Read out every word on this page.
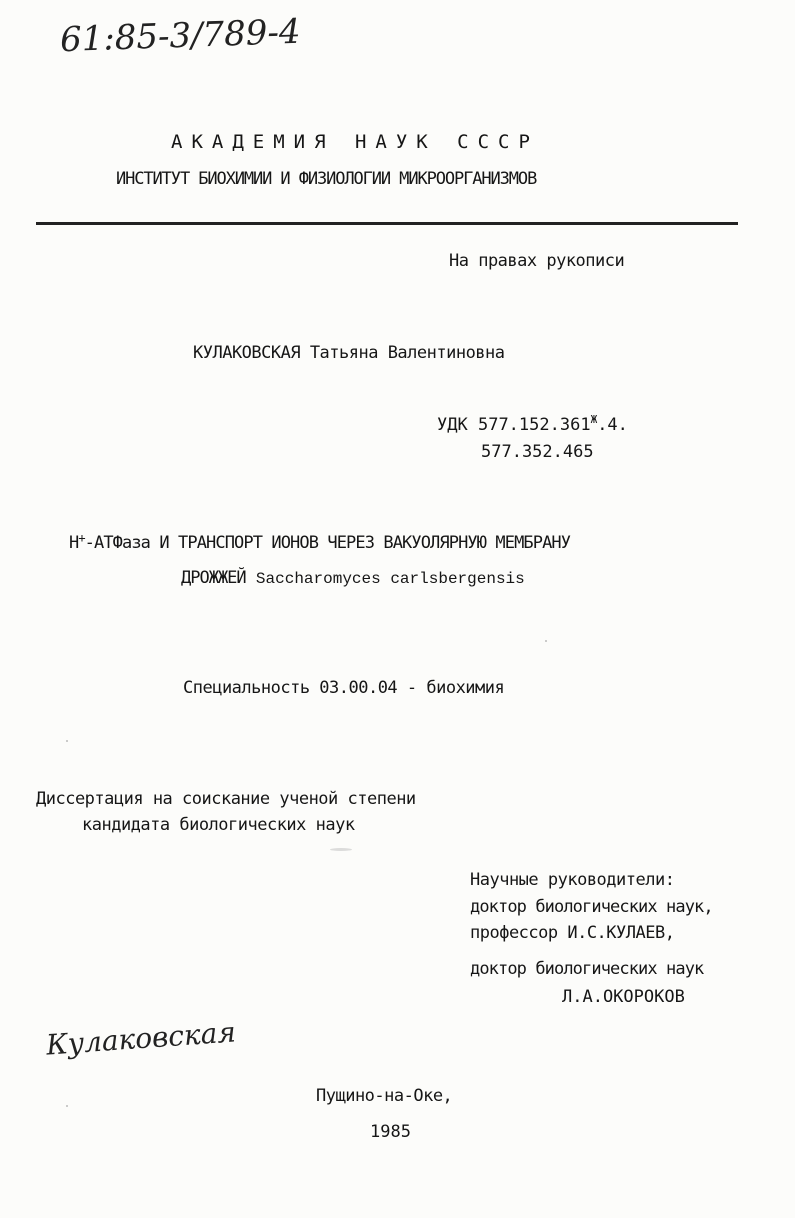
61:85-3/789-4
АКАДЕМИЯ НАУК СССР
ИНСТИТУТ БИОХИМИИ И ФИЗИОЛОГИИ МИКРООРГАНИЗМОВ
На правах рукописи
КУЛАКОВСКАЯ Татьяна Валентиновна
УДК $577.152.361^Ж.4$.
577.352.465
Н+-АТФаза И ТРАНСПОРТ ИОНОВ ЧЕРЕЗ ВАКУОЛЯРНУЮ МЕМБРАНУ
ДРОЖЖЕЙ Saccharomyces carlsbergensis
Специальность 03.00.04 - биохимия
Диссертация на соискание ученой степени
кандидата биологических наук
Научные руководители:
доктор биологических наук,
профессор И.С.КУЛАЕВ,
доктор биологических наук
Л.А.ОКОРОКОВ
Кулаковская
Пущино-на-Оке,
1985
